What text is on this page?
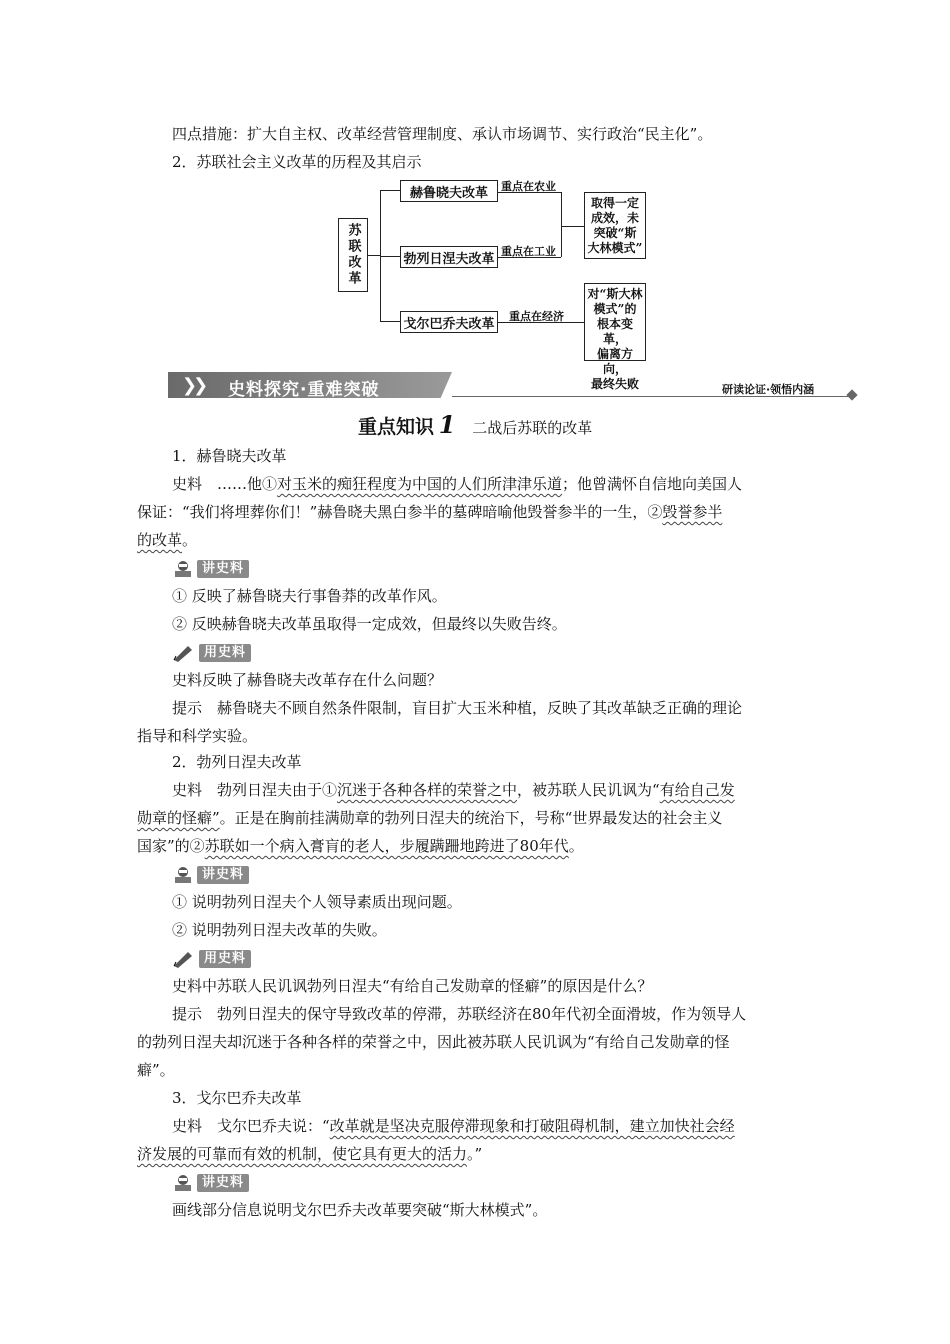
四点措施：扩大自主权、改革经营管理制度、承认市场调节、实行政治“民主化”。
2．苏联社会主义改革的历程及其启示
苏联改革
赫鲁晓夫改革
勃列日涅夫改革
戈尔巴乔夫改革
重点在农业
重点在工业
重点在经济
取得一定
成效，未
突破“斯
大林模式”
对“斯大林
模式”的
根本变革，
偏离方向，
最终失败
❯❯ 史料探究·重难突破	研读论证·领悟内涵
重点知识 1 二战后苏联的改革
1．赫鲁晓夫改革
史料　……他①对玉米的痴狂程度为中国的人们所津津乐道；他曾满怀自信地向美国人
保证：“我们将埋葬你们！”赫鲁晓夫黑白参半的墓碑暗喻他毁誉参半的一生，②毁誉参半
的改革。
讲史料
① 反映了赫鲁晓夫行事鲁莽的改革作风。
② 反映赫鲁晓夫改革虽取得一定成效，但最终以失败告终。
用史料
史料反映了赫鲁晓夫改革存在什么问题？
提示　赫鲁晓夫不顾自然条件限制，盲目扩大玉米种植，反映了其改革缺乏正确的理论
指导和科学实验。
2．勃列日涅夫改革
史料　勃列日涅夫由于①沉迷于各种各样的荣誉之中，被苏联人民讥讽为“有给自己发
勋章的怪癖”。正是在胸前挂满勋章的勃列日涅夫的统治下，号称“世界最发达的社会主义
国家”的②苏联如一个病入膏肓的老人，步履蹒跚地跨进了80年代。
讲史料
① 说明勃列日涅夫个人领导素质出现问题。
② 说明勃列日涅夫改革的失败。
用史料
史料中苏联人民讥讽勃列日涅夫“有给自己发勋章的怪癖”的原因是什么？
提示　勃列日涅夫的保守导致改革的停滞，苏联经济在80年代初全面滑坡，作为领导人
的勃列日涅夫却沉迷于各种各样的荣誉之中，因此被苏联人民讥讽为“有给自己发勋章的怪
癖”。
3．戈尔巴乔夫改革
史料　戈尔巴乔夫说：“改革就是坚决克服停滞现象和打破阻碍机制，建立加快社会经
济发展的可靠而有效的机制，使它具有更大的活力。”
讲史料
画线部分信息说明戈尔巴乔夫改革要突破“斯大林模式”。
